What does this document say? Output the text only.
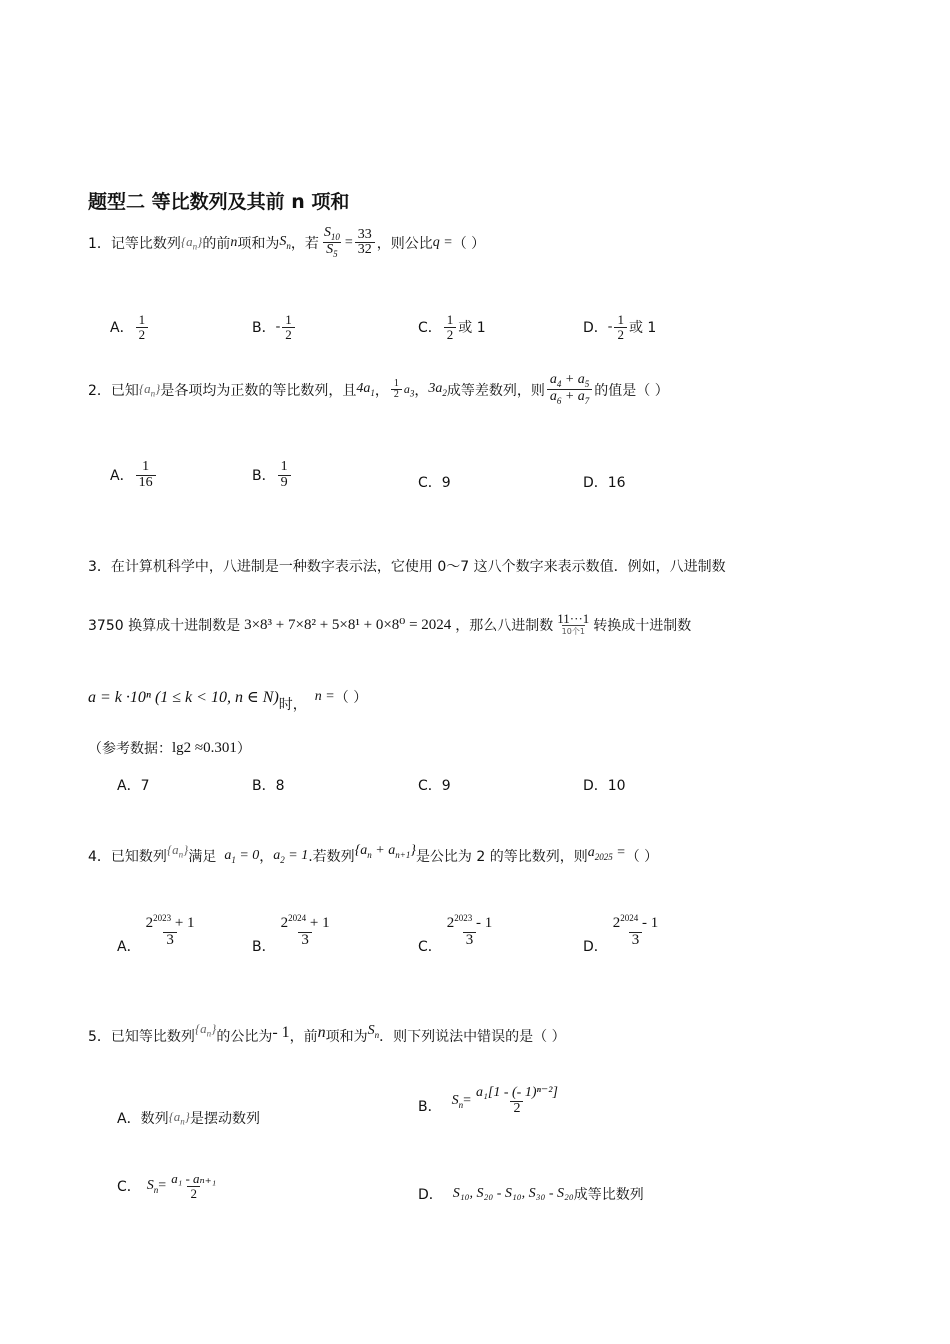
题型二 等比数列及其前 n 项和
1． 记等比数列 $\{a_n\}$ 的前 n 项和为 $S_n$ ，若 $\frac{S_{10}}{S_5} = \frac{33}{32}$ ，则公比 q = （ ）
A． $\frac{1}{2}$	B． - $\frac{1}{2}$	C． $\frac{1}{2}$ 或 1	D． - $\frac{1}{2}$ 或 1
2． 已知 $\{a_n\}$ 是各项均为正数的等比数列，且 $4a_1$ ， $\frac{1}{2} a_3$ ， $3a_2$ 成等差数列，则 $\frac{a_4 + a_5}{a_6 + a_7}$ 的值是（ ）
A． $\frac{1}{16}$	B． $\frac{1}{9}$	C．9	D．16
3．在计算机科学中，八进制是一种数字表示法，它使用 0～7 这八个数字来表示数值．例如，八进制数
3750 换算成十进制数是 3×8³ + 7×8² + 5×8¹ + 0×8⁰ = 2024 ，那么八进制数 11···1
10个1 转换成十进制数
a = k ·10ⁿ (1 ≤ k < 10, n ∈ N) 时，
n = （ ）
（参考数据： lg2 ≈0.301 ）
A．7	B．8	C．9	D．10
4． 已知数列 $\{a_n\}$ 满足 $a_1 = 0$ ， $a_2 = 1$ .若数列 $\{a_n + a_{n+1}\}$ 是公比为 2 的等比数列，则 $a_{2025}$ = （ ）
A． $\frac{2^{2023} + 1}{3}$	B． $\frac{2^{2024} + 1}{3}$	C． $\frac{2^{2023} - 1}{3}$	D． $\frac{2^{2024} - 1}{3}$
5． 已知等比数列
$\{a_n\}$
的公比为 - 1 ，前 n 项和为 $S_n$ ．则下列说法中错误的是（ ）
A． 数列 $\{a_n\}$ 是摆动数列
B． $S_n = \frac{\text{a₁[1 - (- 1)ⁿ⁻²]}}{2}$
C． $S_n = \frac{\text{a₁ - aₙ₊₁}}{2}$	D． S₁₀, S₂₀ - S₁₀, S₃₀ - S₂₀ 成等比数列
